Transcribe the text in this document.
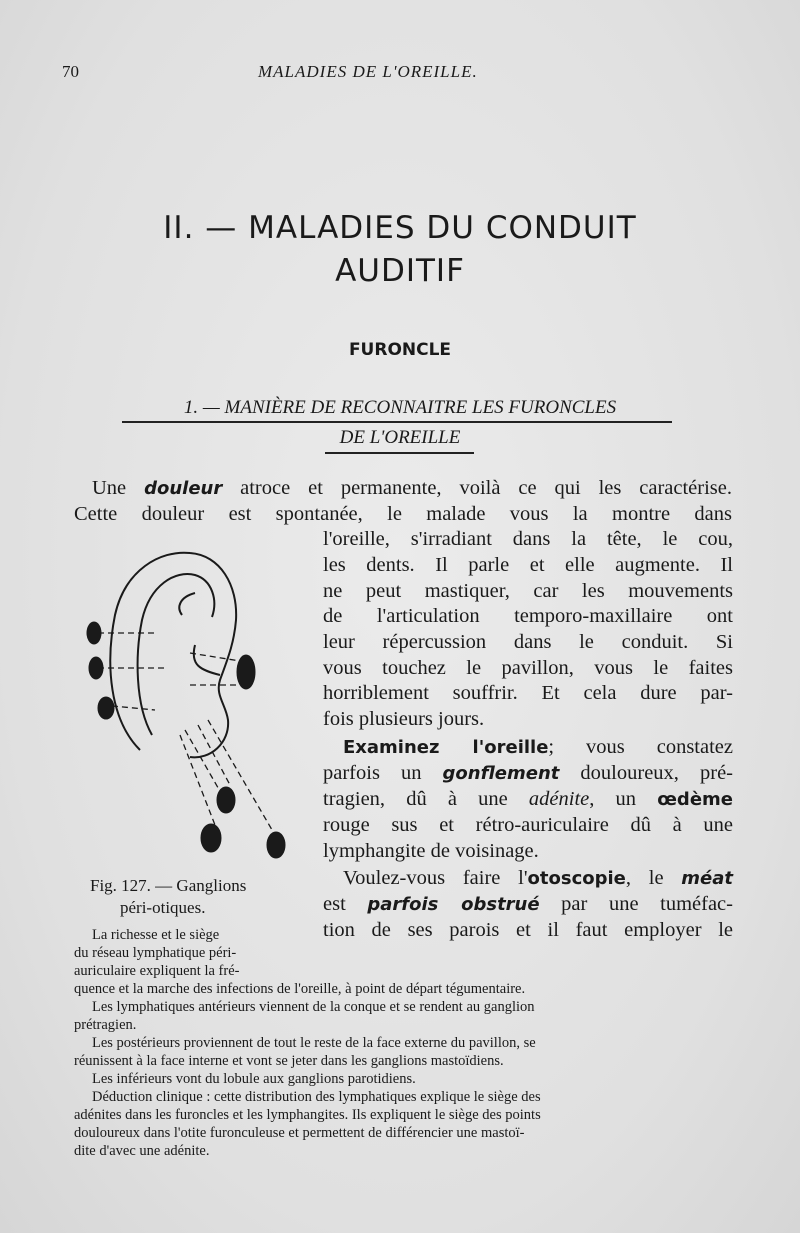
70	MALADIES DE L'OREILLE.
II. — MALADIES DU CONDUIT
AUDITIF
FURONCLE
1. — MANIÈRE DE RECONNAITRE LES FURONCLES
DE L'OREILLE
Une douleur atroce et permanente, voilà ce qui les caractérise.
Cette douleur est spontanée, le malade vous la montre dans
l'oreille, s'irradiant dans la tête, le cou,
les dents. Il parle et elle augmente. Il
ne peut mastiquer, car les mouvements
de l'articulation temporo-maxillaire ont
leur répercussion dans le conduit. Si
vous touchez le pavillon, vous le faites
horriblement souffrir. Et cela dure par-
fois plusieurs jours.
Examinez l'oreille; vous constatez
parfois un gonflement douloureux, pré-
tragien, dû à une adénite, un œdème
rouge sus et rétro-auriculaire dû à une
lymphangite de voisinage.
Voulez-vous faire l'otoscopie, le méat
est parfois obstrué par une tuméfac-
tion de ses parois et il faut employer le
Fig. 127. — Ganglions
péri-otiques.
La richesse et le siège
du réseau lymphatique péri-
auriculaire expliquent la fré-
quence et la marche des infections de l'oreille, à point de départ tégumentaire.
Les lymphatiques antérieurs viennent de la conque et se rendent au ganglion
prétragien.
Les postérieurs proviennent de tout le reste de la face externe du pavillon, se
réunissent à la face interne et vont se jeter dans les ganglions mastoïdiens.
Les inférieurs vont du lobule aux ganglions parotidiens.
Déduction clinique : cette distribution des lymphatiques explique le siège des
adénites dans les furoncles et les lymphangites. Ils expliquent le siège des points
douloureux dans l'otite furonculeuse et permettent de différencier une mastoï-
dite d'avec une adénite.
